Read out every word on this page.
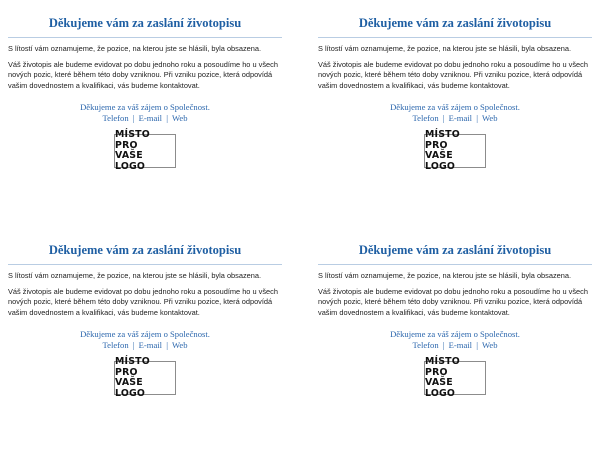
Děkujeme vám za zaslání životopisu

S lítostí vám oznamujeme, že pozice, na kterou jste se hlásili, byla obsazena.

Váš životopis ale budeme evidovat po dobu jednoho roku a posoudíme ho u všech nových pozic, které během této doby vzniknou. Při vzniku pozice, která odpovídá vašim dovednostem a kvalifikaci, vás budeme kontaktovat.

Děkujeme za váš zájem o Společnost.
Telefon | E-mail | Web
MÍSTO PRO
VAŠE LOGO
Děkujeme vám za zaslání životopisu

S lítostí vám oznamujeme, že pozice, na kterou jste se hlásili, byla obsazena.

Váš životopis ale budeme evidovat po dobu jednoho roku a posoudíme ho u všech nových pozic, které během této doby vzniknou. Při vzniku pozice, která odpovídá vašim dovednostem a kvalifikaci, vás budeme kontaktovat.

Děkujeme za váš zájem o Společnost.
Telefon | E-mail | Web
MÍSTO PRO
VAŠE LOGO
Děkujeme vám za zaslání životopisu

S lítostí vám oznamujeme, že pozice, na kterou jste se hlásili, byla obsazena.

Váš životopis ale budeme evidovat po dobu jednoho roku a posoudíme ho u všech nových pozic, které během této doby vzniknou. Při vzniku pozice, která odpovídá vašim dovednostem a kvalifikaci, vás budeme kontaktovat.

Děkujeme za váš zájem o Společnost.
Telefon | E-mail | Web
MÍSTO PRO
VAŠE LOGO
Děkujeme vám za zaslání životopisu

S lítostí vám oznamujeme, že pozice, na kterou jste se hlásili, byla obsazena.

Váš životopis ale budeme evidovat po dobu jednoho roku a posoudíme ho u všech nových pozic, které během této doby vzniknou. Při vzniku pozice, která odpovídá vašim dovednostem a kvalifikaci, vás budeme kontaktovat.

Děkujeme za váš zájem o Společnost.
Telefon | E-mail | Web
MÍSTO PRO
VAŠE LOGO
